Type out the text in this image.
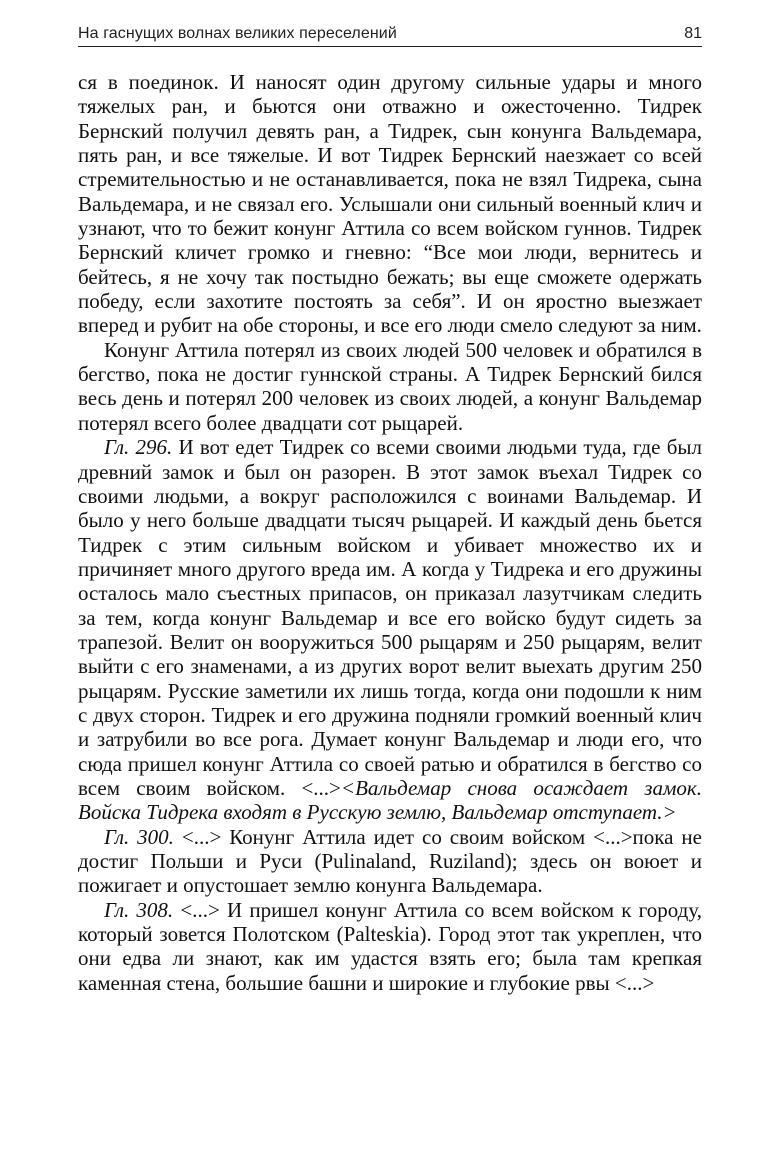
На гаснущих волнах великих переселений	81

ся в поединок. И наносят один другому сильные удары и много тяжелых ран, и бьются они отважно и ожесточенно. Тидрек Бернский получил девять ран, а Тидрек, сын конунга Вальдемара, пять ран, и все тяжелые. И вот Тидрек Бернский наезжает со всей стремительностью и не останавливается, пока не взял Тидрека, сына Вальдемара, и не связал его. Услышали они сильный военный клич и узнают, что то бежит конунг Аттила со всем войском гуннов. Тидрек Бернский кличет громко и гневно: “Все мои люди, вернитесь и бейтесь, я не хочу так постыдно бежать; вы еще сможете одержать победу, если захотите постоять за себя”. И он яростно выезжает вперед и рубит на обе стороны, и все его люди смело следуют за ним.

Конунг Аттила потерял из своих людей 500 человек и обратился в бегство, пока не достиг гуннской страны. А Тидрек Бернский бился весь день и потерял 200 человек из своих людей, а конунг Вальдемар потерял всего более двадцати сот рыцарей.

Гл. 296. И вот едет Тидрек со всеми своими людьми туда, где был древний замок и был он разорен. В этот замок въехал Тидрек со своими людьми, а вокруг расположился с воинами Вальдемар. И было у него больше двадцати тысяч рыцарей. И каждый день бьется Тидрек с этим сильным войском и убивает множество их и причиняет много другого вреда им. А когда у Тидрека и его дружины осталось мало съестных припасов, он приказал лазутчикам следить за тем, когда конунг Вальдемар и все его войско будут сидеть за трапезой. Велит он вооружиться 500 рыцарям и 250 рыцарям, велит выйти с его знаменами, а из других ворот велит выехать другим 250 рыцарям. Русские заметили их лишь тогда, когда они подошли к ним с двух сторон. Тидрек и его дружина подняли громкий военный клич и затрубили во все рога. Думает конунг Вальдемар и люди его, что сюда пришел конунг Аттила со своей ратью и обратился в бегство со всем своим войском. <...><Вальдемар снова осаждает замок. Войска Тидрека входят в Русскую землю, Вальдемар отступает.>

Гл. 300. <...> Конунг Аттила идет со своим войском <...>пока не достиг Польши и Руси (Pulinaland, Ruziland); здесь он воюет и пожигает и опустошает землю конунга Вальдемара.

Гл. 308. <...> И пришел конунг Аттила со всем войском к городу, который зовется Полотском (Palteskia). Город этот так укреплен, что они едва ли знают, как им удастся взять его; была там крепкая каменная стена, большие башни и широкие и глубокие рвы <...>
